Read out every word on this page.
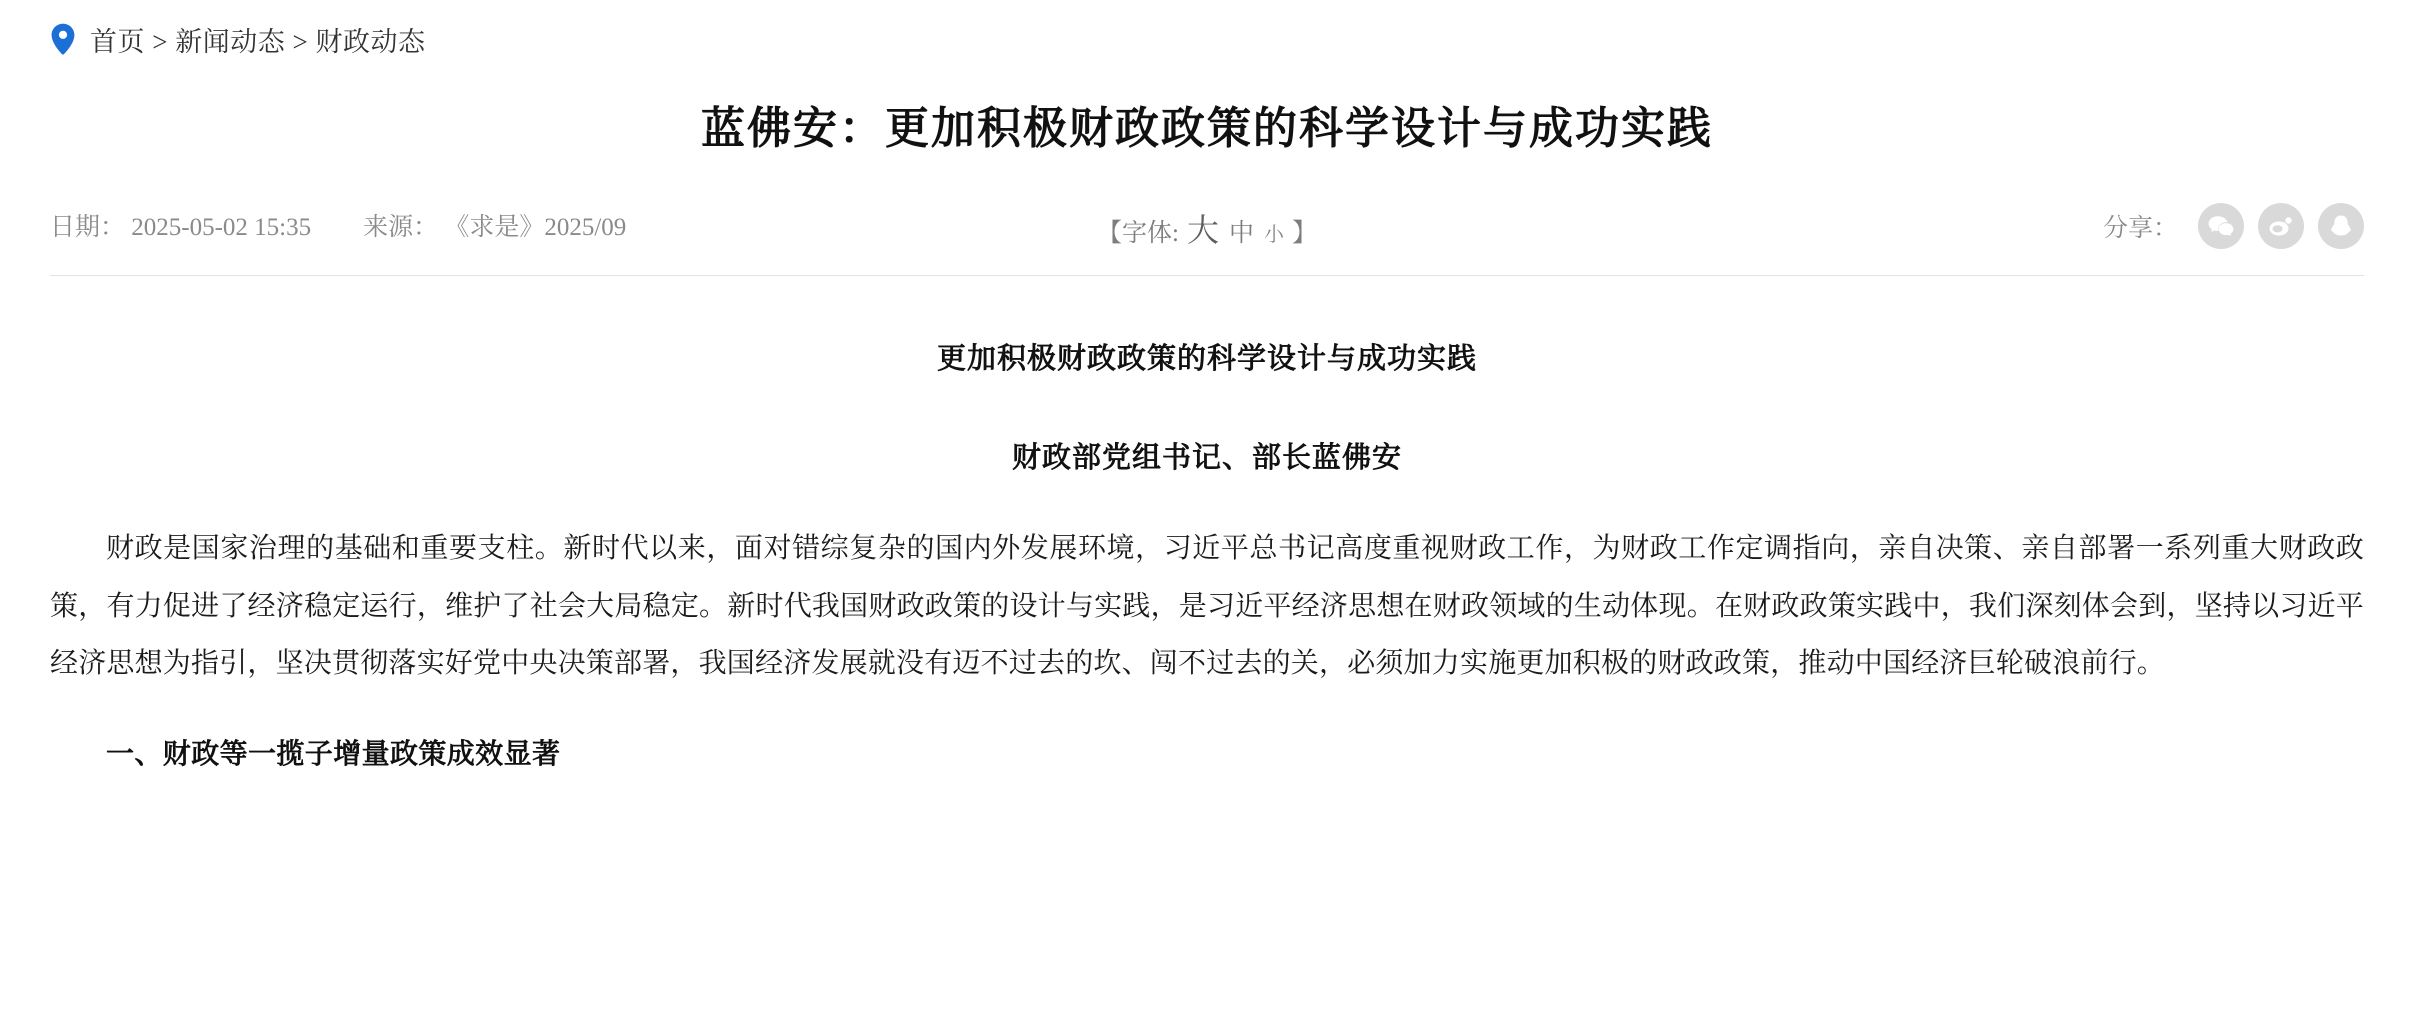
首页 > 新闻动态 > 财政动态
蓝佛安：更加积极财政政策的科学设计与成功实践
日期： 2025-05-02 15:35 来源： 《求是》2025/09	【字体: 大 中 小 】	分享：
更加积极财政政策的科学设计与成功实践
财政部党组书记、部长蓝佛安

财政是国家治理的基础和重要支柱。新时代以来，面对错综复杂的国内外发展环境，习近平总书记高度重视财政工作，为财政工作定调指向，亲自决策、亲自部署一系列重大财政政策，有力促进了经济稳定运行，维护了社会大局稳定。新时代我国财政政策的设计与实践，是习近平经济思想在财政领域的生动体现。在财政政策实践中，我们深刻体会到，坚持以习近平经济思想为指引，坚决贯彻落实好党中央决策部署，我国经济发展就没有迈不过去的坎、闯不过去的关，必须加力实施更加积极的财政政策，推动中国经济巨轮破浪前行。

一、财政等一揽子增量政策成效显著
